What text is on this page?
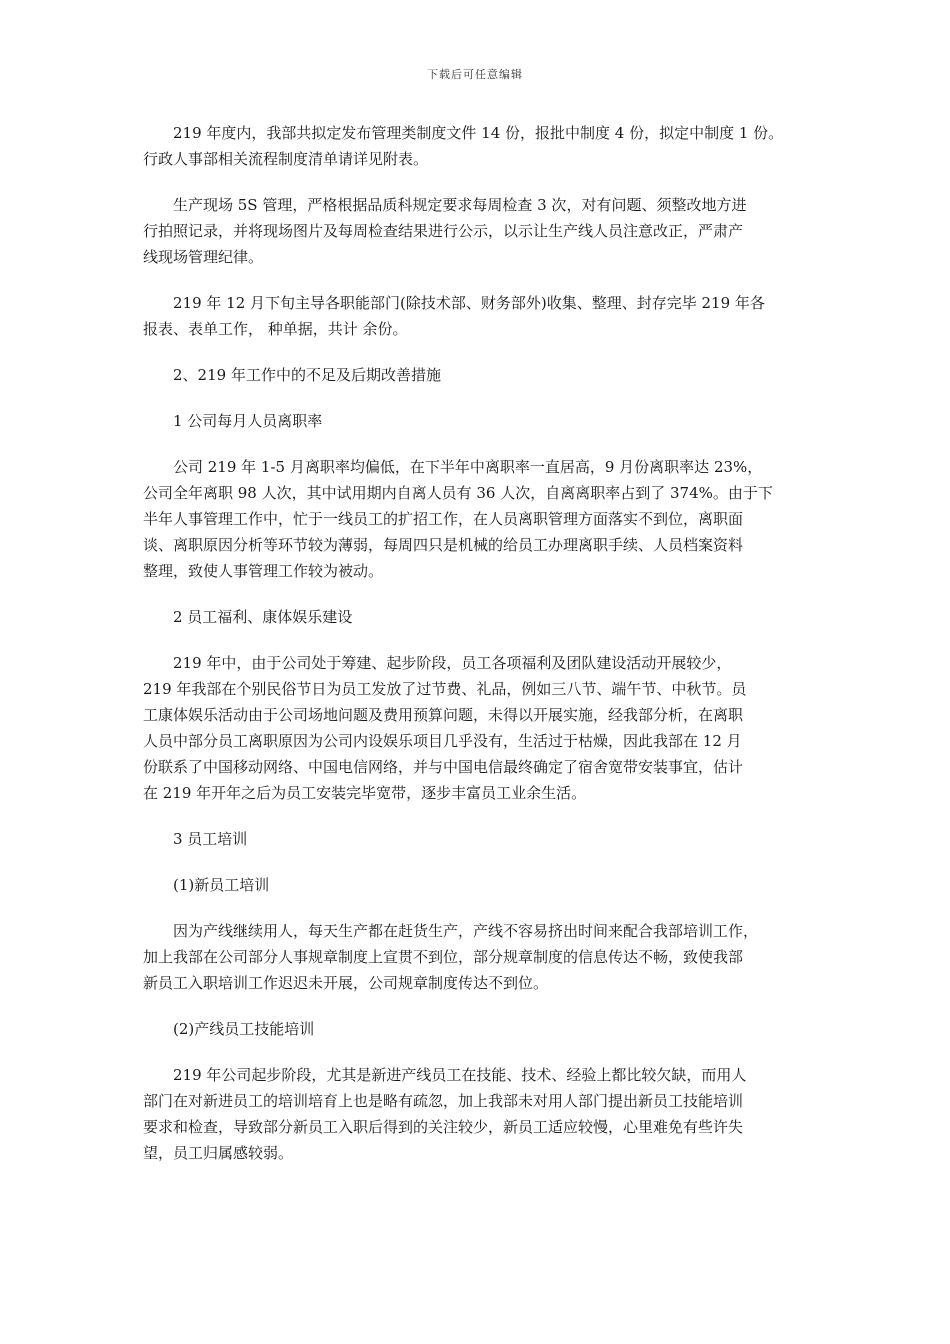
下载后可任意编辑

219 年度内，我部共拟定发布管理类制度文件 14 份，报批中制度 4 份，拟定中制度 1 份。
行政人事部相关流程制度清单请详见附表。

生产现场 5S 管理，严格根据品质科规定要求每周检查 3 次，对有问题、须整改地方进
行拍照记录，并将现场图片及每周检查结果进行公示，以示让生产线人员注意改正，严肃产
线现场管理纪律。

219 年 12 月下旬主导各职能部门(除技术部、财务部外)收集、整理、封存完毕 219 年各
报表、表单工作， 种单据，共计 余份。

2、219 年工作中的不足及后期改善措施

1 公司每月人员离职率

公司 219 年 1-5 月离职率均偏低，在下半年中离职率一直居高，9 月份离职率达 23%，
公司全年离职 98 人次，其中试用期内自离人员有 36 人次，自离离职率占到了 374%。由于下
半年人事管理工作中，忙于一线员工的扩招工作，在人员离职管理方面落实不到位，离职面
谈、离职原因分析等环节较为薄弱，每周四只是机械的给员工办理离职手续、人员档案资料
整理，致使人事管理工作较为被动。

2 员工福利、康体娱乐建设

219 年中，由于公司处于筹建、起步阶段，员工各项福利及团队建设活动开展较少，
219 年我部在个别民俗节日为员工发放了过节费、礼品，例如三八节、端午节、中秋节。员
工康体娱乐活动由于公司场地问题及费用预算问题，未得以开展实施，经我部分析，在离职
人员中部分员工离职原因为公司内设娱乐项目几乎没有，生活过于枯燥，因此我部在 12 月
份联系了中国移动网络、中国电信网络，并与中国电信最终确定了宿舍宽带安装事宜，估计
在 219 年开年之后为员工安装完毕宽带，逐步丰富员工业余生活。

3 员工培训

(1)新员工培训

因为产线继续用人，每天生产都在赶货生产，产线不容易挤出时间来配合我部培训工作，
加上我部在公司部分人事规章制度上宣贯不到位，部分规章制度的信息传达不畅，致使我部
新员工入职培训工作迟迟未开展，公司规章制度传达不到位。

(2)产线员工技能培训

219 年公司起步阶段，尤其是新进产线员工在技能、技术、经验上都比较欠缺，而用人
部门在对新进员工的培训培育上也是略有疏忽，加上我部未对用人部门提出新员工技能培训
要求和检查，导致部分新员工入职后得到的关注较少，新员工适应较慢，心里难免有些许失
望，员工归属感较弱。
